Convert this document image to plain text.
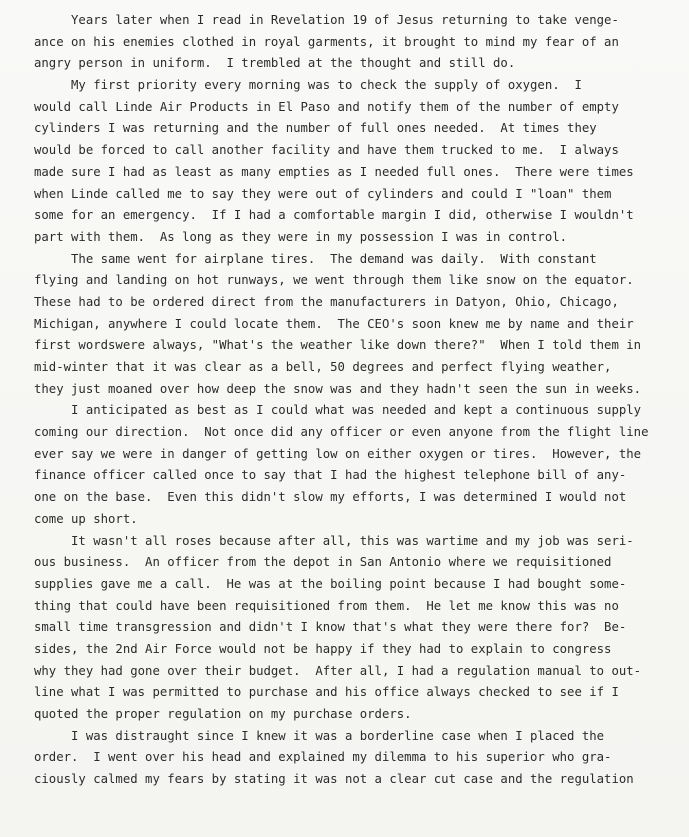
Years later when I read in Revelation 19 of Jesus returning to take venge-
ance on his enemies clothed in royal garments, it brought to mind my fear of an
angry person in uniform.  I trembled at the thought and still do.
My first priority every morning was to check the supply of oxygen.  I
would call Linde Air Products in El Paso and notify them of the number of empty
cylinders I was returning and the number of full ones needed.  At times they
would be forced to call another facility and have them trucked to me.  I always
made sure I had as least as many empties as I needed full ones.  There were times
when Linde called me to say they were out of cylinders and could I "loan" them
some for an emergency.  If I had a comfortable margin I did, otherwise I wouldn't
part with them.  As long as they were in my possession I was in control.
The same went for airplane tires.  The demand was daily.  With constant
flying and landing on hot runways, we went through them like snow on the equator.
These had to be ordered direct from the manufacturers in Datyon, Ohio, Chicago,
Michigan, anywhere I could locate them.  The CEO's soon knew me by name and their
first wordswere always, "What's the weather like down there?"  When I told them in
mid-winter that it was clear as a bell, 50 degrees and perfect flying weather,
they just moaned over how deep the snow was and they hadn't seen the sun in weeks.
I anticipated as best as I could what was needed and kept a continuous supply
coming our direction.  Not once did any officer or even anyone from the flight line
ever say we were in danger of getting low on either oxygen or tires.  However, the
finance officer called once to say that I had the highest telephone bill of any-
one on the base.  Even this didn't slow my efforts, I was determined I would not
come up short.
It wasn't all roses because after all, this was wartime and my job was seri-
ous business.  An officer from the depot in San Antonio where we requisitioned
supplies gave me a call.  He was at the boiling point because I had bought some-
thing that could have been requisitioned from them.  He let me know this was no
small time transgression and didn't I know that's what they were there for?  Be-
sides, the 2nd Air Force would not be happy if they had to explain to congress
why they had gone over their budget.  After all, I had a regulation manual to out-
line what I was permitted to purchase and his office always checked to see if I
quoted the proper regulation on my purchase orders.
I was distraught since I knew it was a borderline case when I placed the
order.  I went over his head and explained my dilemma to his superior who gra-
ciously calmed my fears by stating it was not a clear cut case and the regulation
